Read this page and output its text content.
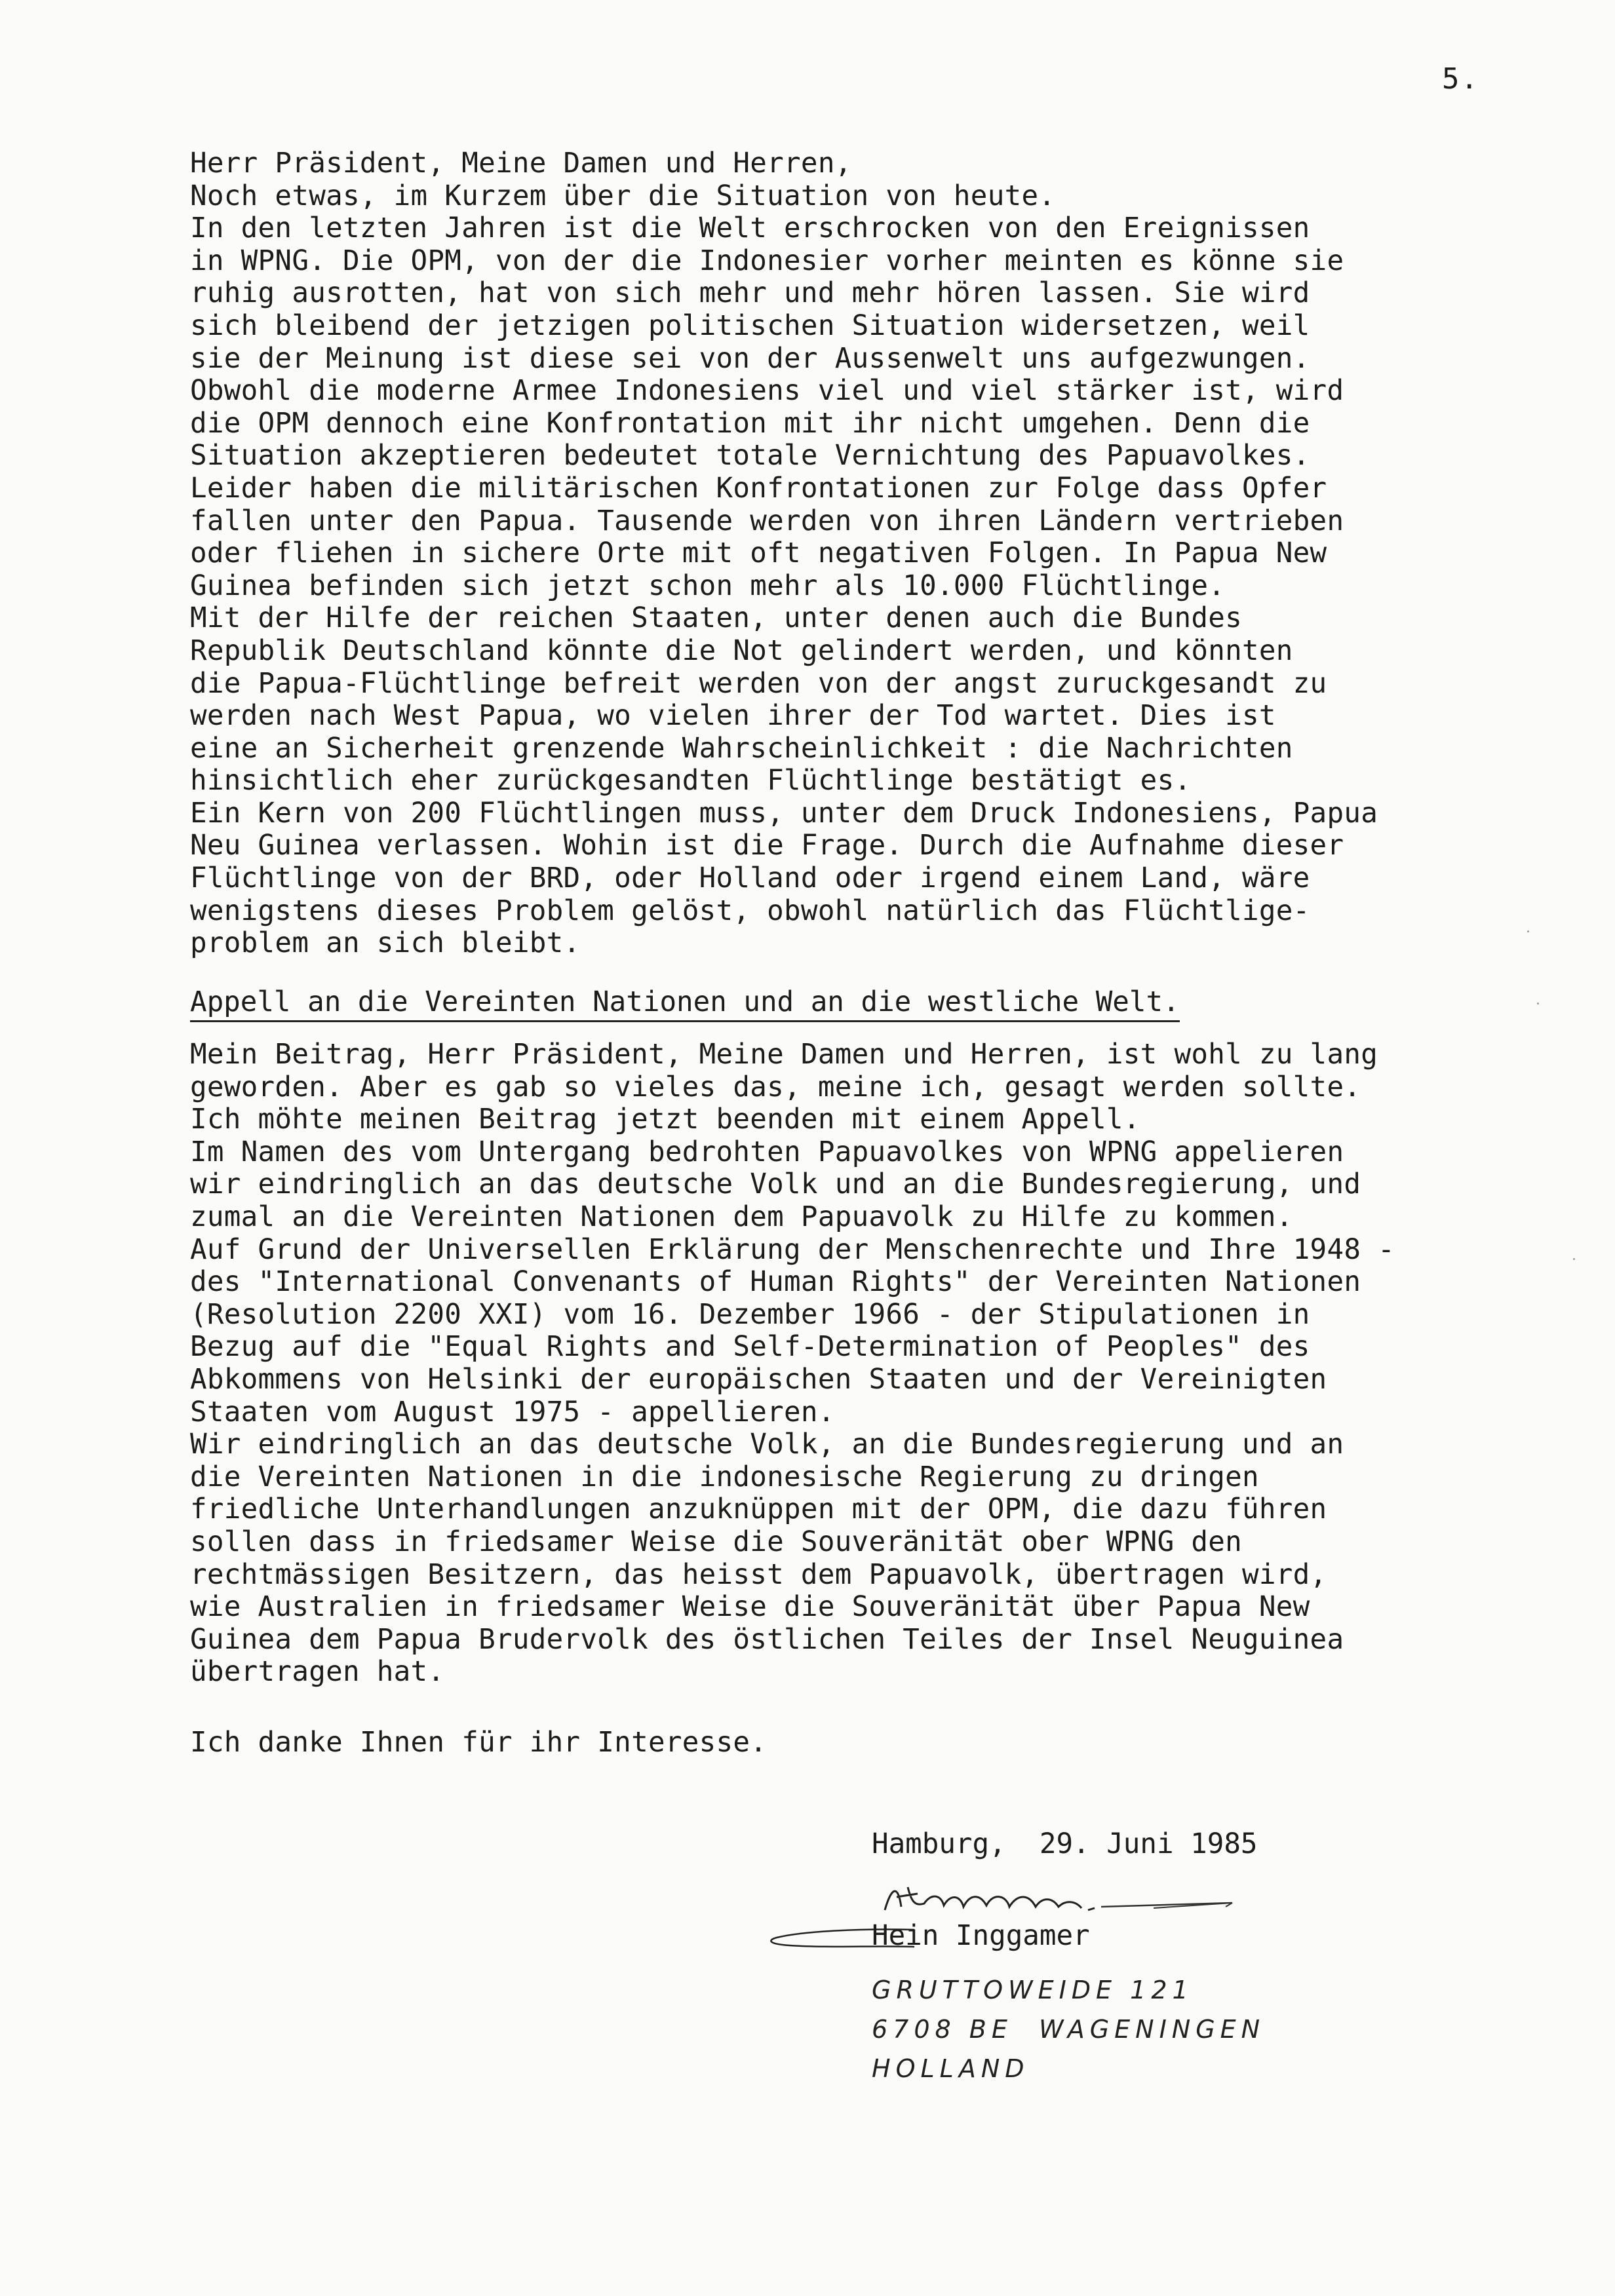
5.
Herr Präsident, Meine Damen und Herren,
Noch etwas, im Kurzem über die Situation von heute.
In den letzten Jahren ist die Welt erschrocken von den Ereignissen
in WPNG. Die OPM, von der die Indonesier vorher meinten es könne sie
ruhig ausrotten, hat von sich mehr und mehr hören lassen. Sie wird
sich bleibend der jetzigen politischen Situation widersetzen, weil
sie der Meinung ist diese sei von der Aussenwelt uns aufgezwungen.
Obwohl die moderne Armee Indonesiens viel und viel stärker ist, wird
die OPM dennoch eine Konfrontation mit ihr nicht umgehen. Denn die
Situation akzeptieren bedeutet totale Vernichtung des Papuavolkes.
Leider haben die militärischen Konfrontationen zur Folge dass Opfer
fallen unter den Papua. Tausende werden von ihren Ländern vertrieben
oder fliehen in sichere Orte mit oft negativen Folgen. In Papua New
Guinea befinden sich jetzt schon mehr als 10.000 Flüchtlinge.
Mit der Hilfe der reichen Staaten, unter denen auch die Bundes
Republik Deutschland könnte die Not gelindert werden, und könnten
die Papua-Flüchtlinge befreit werden von der angst zuruckgesandt zu
werden nach West Papua, wo vielen ihrer der Tod wartet. Dies ist
eine an Sicherheit grenzende Wahrscheinlichkeit : die Nachrichten
hinsichtlich eher zurückgesandten Flüchtlinge bestätigt es.
Ein Kern von 200 Flüchtlingen muss, unter dem Druck Indonesiens, Papua
Neu Guinea verlassen. Wohin ist die Frage. Durch die Aufnahme dieser
Flüchtlinge von der BRD, oder Holland oder irgend einem Land, wäre
wenigstens dieses Problem gelöst, obwohl natürlich das Flüchtlige-
problem an sich bleibt.
Appell an die Vereinten Nationen und an die westliche Welt.
Mein Beitrag, Herr Präsident, Meine Damen und Herren, ist wohl zu lang
geworden. Aber es gab so vieles das, meine ich, gesagt werden sollte.
Ich möhte meinen Beitrag jetzt beenden mit einem Appell.
Im Namen des vom Untergang bedrohten Papuavolkes von WPNG appelieren
wir eindringlich an das deutsche Volk und an die Bundesregierung, und
zumal an die Vereinten Nationen dem Papuavolk zu Hilfe zu kommen.
Auf Grund der Universellen Erklärung der Menschenrechte und Ihre 1948 -
des "International Convenants of Human Rights" der Vereinten Nationen
(Resolution 2200 XXI) vom 16. Dezember 1966 - der Stipulationen in
Bezug auf die "Equal Rights and Self-Determination of Peoples" des
Abkommens von Helsinki der europäischen Staaten und der Vereinigten
Staaten vom August 1975 - appellieren.
Wir eindringlich an das deutsche Volk, an die Bundesregierung und an
die Vereinten Nationen in die indonesische Regierung zu dringen
friedliche Unterhandlungen anzuknüppen mit der OPM, die dazu führen
sollen dass in friedsamer Weise die Souveränität ober WPNG den
rechtmässigen Besitzern, das heisst dem Papuavolk, übertragen wird,
wie Australien in friedsamer Weise die Souveränität über Papua New
Guinea dem Papua Brudervolk des östlichen Teiles der Insel Neuguinea
übertragen hat.
Ich danke Ihnen für ihr Interesse.
Hamburg,  29. Juni 1985
Hein Inggamer
GRUTTOWEIDE 121
6708 BE  WAGENINGEN
HOLLAND
